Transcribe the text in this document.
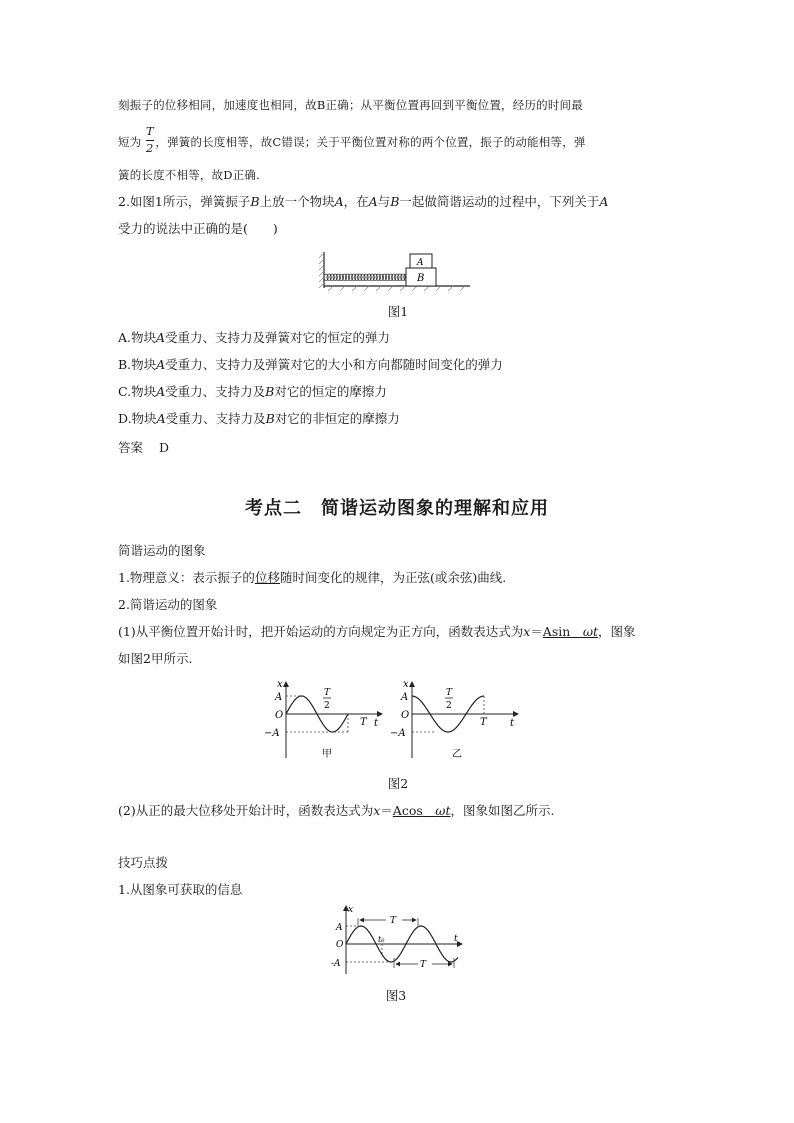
刻振子的位移相同，加速度也相同，故B正确；从平衡位置再回到平衡位置，经历的时间最
T
2
短为 ，弹簧的长度相等，故C错误；关于平衡位置对称的两个位置，振子的动能相等，弹
簧的长度不相等，故D正确.
2.如图1所示，弹簧振子B上放一个物块A，在A与B一起做简谐运动的过程中，下列关于A
受力的说法中正确的是(　　)
A
B
图1
A.物块A受重力、支持力及弹簧对它的恒定的弹力
B.物块A受重力、支持力及弹簧对它的大小和方向都随时间变化的弹力
C.物块A受重力、支持力及B对它的恒定的摩擦力
D.物块A受重力、支持力及B对它的非恒定的摩擦力
答案 D
考点二　简谐运动图象的理解和应用
简谐运动的图象
1.物理意义：表示振子的位移随时间变化的规律，为正弦(或余弦)曲线.
2.简谐运动的图象
(1)从平衡位置开始计时，把开始运动的方向规定为正方向，函数表达式为x＝Asin　 ωt，图象
如图2甲所示.
x
A
O
−A
T
2
T t
甲
x
A
O
−A
T
2
T t
乙
图2
(2)从正的最大位移处开始计时，函数表达式为x＝Acos　 ωt，图象如图乙所示.
技巧点拨
1.从图象可获取的信息
x
A
O
-A
T
T
t₀	t
图3
